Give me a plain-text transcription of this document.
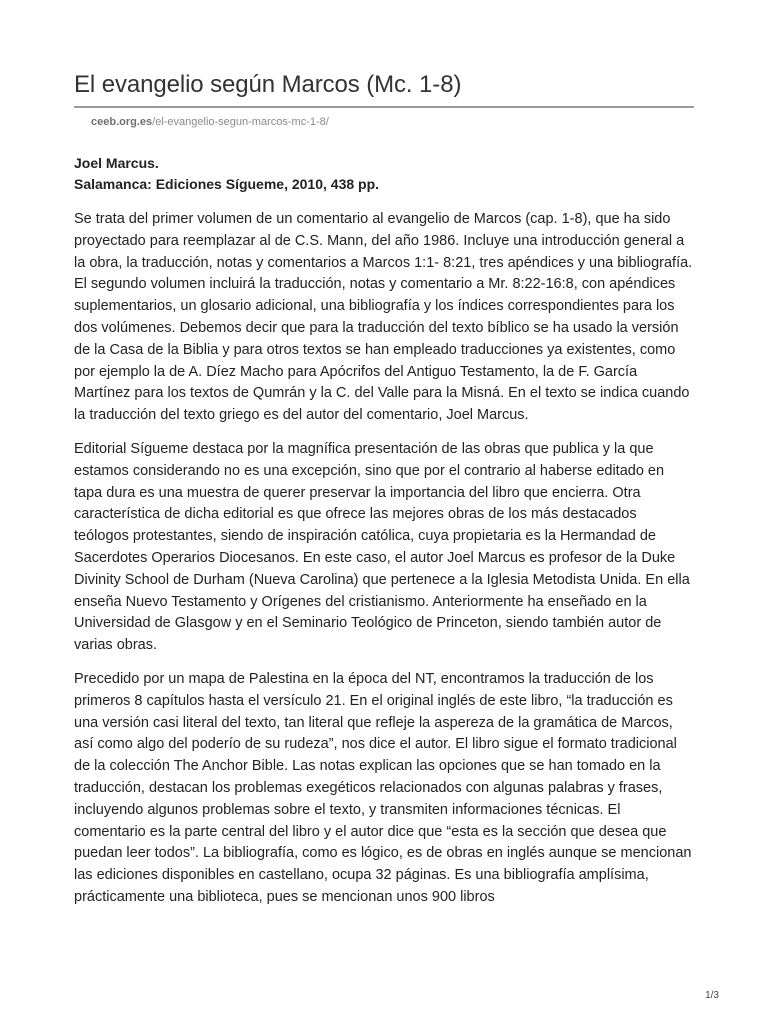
El evangelio según Marcos (Mc. 1-8)
ceeb.org.es/el-evangelio-segun-marcos-mc-1-8/
Joel Marcus.
Salamanca: Ediciones Sígueme, 2010, 438 pp.

Se trata del primer volumen de un comentario al evangelio de Marcos (cap. 1-8), que ha sido proyectado para reemplazar al de C.S. Mann, del año 1986. Incluye una introducción general a la obra, la traducción, notas y comentarios a Marcos 1:1- 8:21, tres apéndices y una bibliografía. El segundo volumen incluirá la traducción, notas y comentario a Mr. 8:22-16:8, con apéndices suplementarios, un glosario adicional, una bibliografía y los índices correspondientes para los dos volúmenes. Debemos decir que para la traducción del texto bíblico se ha usado la versión de la Casa de la Biblia y para otros textos se han empleado traducciones ya existentes, como por ejemplo la de A. Díez Macho para Apócrifos del Antiguo Testamento, la de F. García Martínez para los textos de Qumrán y la C. del Valle para la Misná. En el texto se indica cuando la traducción del texto griego es del autor del comentario, Joel Marcus.

Editorial Sígueme destaca por la magnífica presentación de las obras que publica y la que estamos considerando no es una excepción, sino que por el contrario al haberse editado en tapa dura es una muestra de querer preservar la importancia del libro que encierra. Otra característica de dicha editorial es que ofrece las mejores obras de los más destacados teólogos protestantes, siendo de inspiración católica, cuya propietaria es la Hermandad de Sacerdotes Operarios Diocesanos. En este caso, el autor Joel Marcus es profesor de la Duke Divinity School de Durham (Nueva Carolina) que pertenece a la Iglesia Metodista Unida. En ella enseña Nuevo Testamento y Orígenes del cristianismo. Anteriormente ha enseñado en la Universidad de Glasgow y en el Seminario Teológico de Princeton, siendo también autor de varias obras.

Precedido por un mapa de Palestina en la época del NT, encontramos la traducción de los primeros 8 capítulos hasta el versículo 21. En el original inglés de este libro, “la traducción es una versión casi literal del texto, tan literal que refleje la aspereza de la gramática de Marcos, así como algo del poderío de su rudeza”, nos dice el autor. El libro sigue el formato tradicional de la colección The Anchor Bible. Las notas explican las opciones que se han tomado en la traducción, destacan los problemas exegéticos relacionados con algunas palabras y frases, incluyendo algunos problemas sobre el texto, y transmiten informaciones técnicas. El comentario es la parte central del libro y el autor dice que “esta es la sección que desea que puedan leer todos”. La bibliografía, como es lógico, es de obras en inglés aunque se mencionan las ediciones disponibles en castellano, ocupa 32 páginas. Es una bibliografía amplísima, prácticamente una biblioteca, pues se mencionan unos 900 libros

1/3
